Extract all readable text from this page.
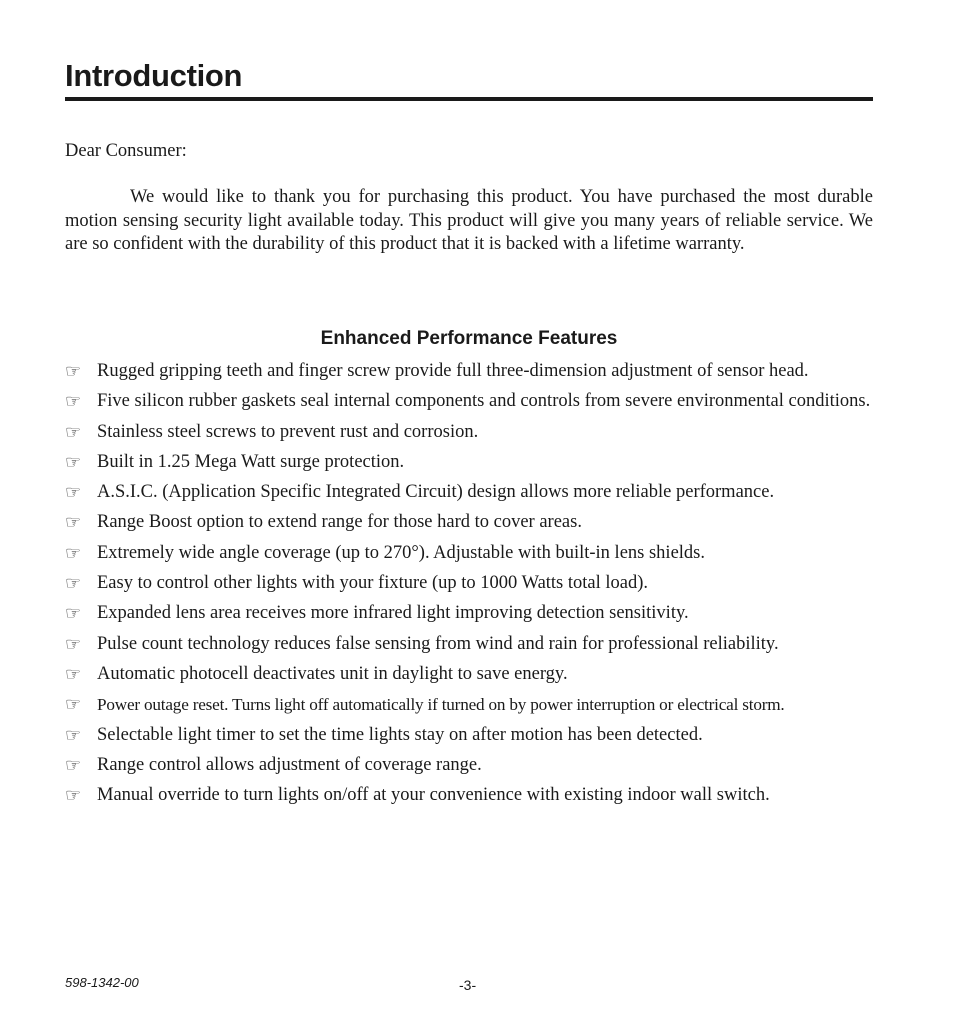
Introduction

Dear Consumer:

We would like to thank you for purchasing this product. You have purchased the most durable motion sensing security light available today. This product will give you many years of reliable service. We are so confident with the durability of this product that it is backed with a lifetime warranty.

Enhanced Performance Features
☞ Rugged gripping teeth and finger screw provide full three-dimension adjustment of sensor head.
☞ Five silicon rubber gaskets seal internal components and controls from severe environmental conditions.
☞ Stainless steel screws to prevent rust and corrosion.
☞ Built in 1.25 Mega Watt surge protection.
☞ A.S.I.C. (Application Specific Integrated Circuit) design allows more reliable performance.
☞ Range Boost option to extend range for those hard to cover areas.
☞ Extremely wide angle coverage (up to 270°). Adjustable with built-in lens shields.
☞ Easy to control other lights with your fixture (up to 1000 Watts total load).
☞ Expanded lens area receives more infrared light improving detection sensitivity.
☞ Pulse count technology reduces false sensing from wind and rain for professional reliability.
☞ Automatic photocell deactivates unit in daylight to save energy.
☞ Power outage reset. Turns light off automatically if turned on by power interruption or electrical storm.
☞ Selectable light timer to set the time lights stay on after motion has been detected.
☞ Range control allows adjustment of coverage range.
☞ Manual override to turn lights on/off at your convenience with existing indoor wall switch.
598-1342-00	-3-
